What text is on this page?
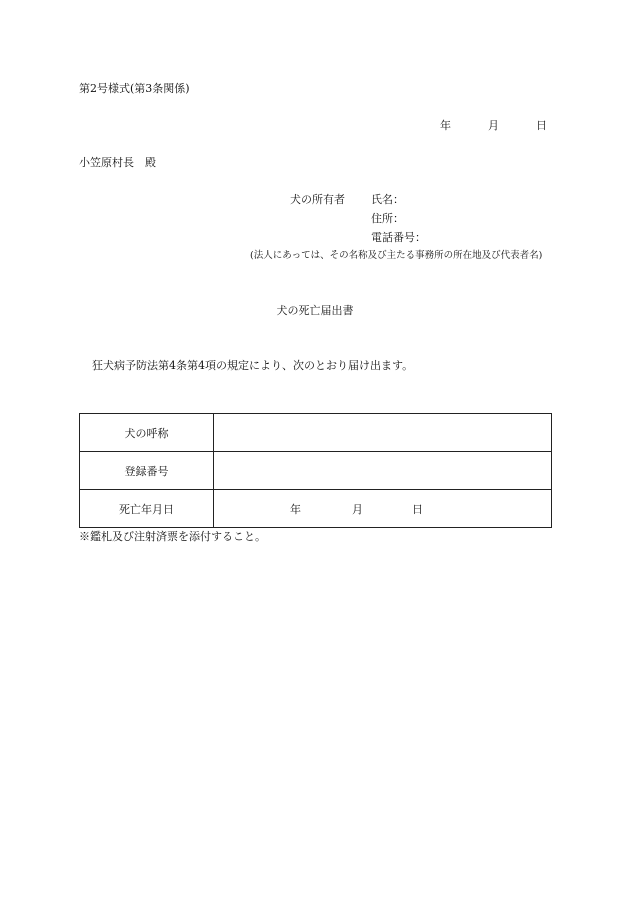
第2号様式(第3条関係)
年	月	日
小笠原村長　殿
犬の所有者 氏名：
住所：
電話番号：
(法人にあっては、その名称及び主たる事務所の所在地及び代表者名)
犬の死亡届出書
狂犬病予防法第4条第4項の規定により、次のとおり届け出ます。
犬の呼称	
登録番号	
死亡年月日	年 月 日
※鑑札及び注射済票を添付すること。
